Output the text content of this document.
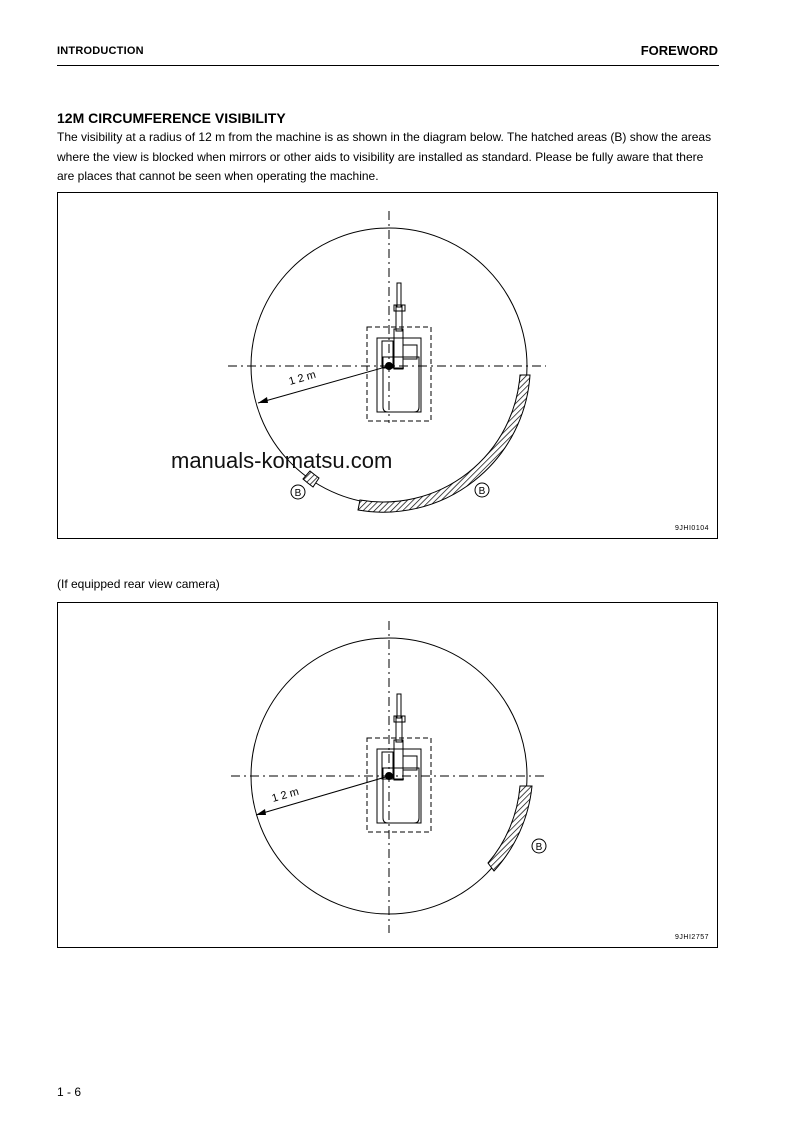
INTRODUCTION	FOREWORD
12M CIRCUMFERENCE VISIBILITY

The visibility at a radius of 12 m from the machine is as shown in the diagram below. The hatched areas (B) show the areas where the view is blocked when mirrors or other aids to visibility are installed as standard. Please be fully aware that there are places that cannot be seen when operating the machine.

1 2 m
B	B
9JHI0104
manuals-komatsu.com

(If equipped rear view camera)

1 2 m
B
9JHI2757
1 - 6
